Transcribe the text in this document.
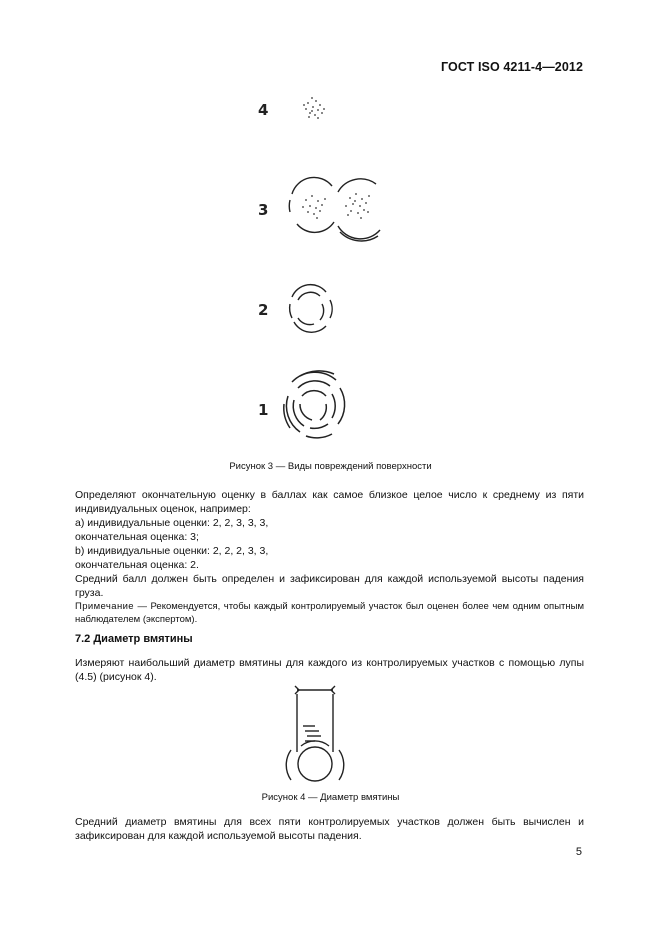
ГОСТ ISO 4211-4—2012
4
3
2
1
Рисунок 3 — Виды повреждений поверхности
Определяют окончательную оценку в баллах как самое близкое целое число к среднему из пяти индивидуальных оценок, например:
a) индивидуальные оценки: 2, 2, 3, 3, 3,
окончательная оценка: 3;
b) индивидуальные оценки: 2, 2, 2, 3, 3,
окончательная оценка: 2.
Средний балл должен быть определен и зафиксирован для каждой используемой высоты падения груза.
Примечание — Рекомендуется, чтобы каждый контролируемый участок был оценен более чем одним опытным наблюдателем (экспертом).
7.2 Диаметр вмятины
Измеряют наибольший диаметр вмятины для каждого из контролируемых участков с помощью лупы (4.5) (рисунок 4).
Рисунок 4 — Диаметр вмятины
Средний диаметр вмятины для всех пяти контролируемых участков должен быть вычислен и зафиксирован для каждой используемой высоты падения.
5
